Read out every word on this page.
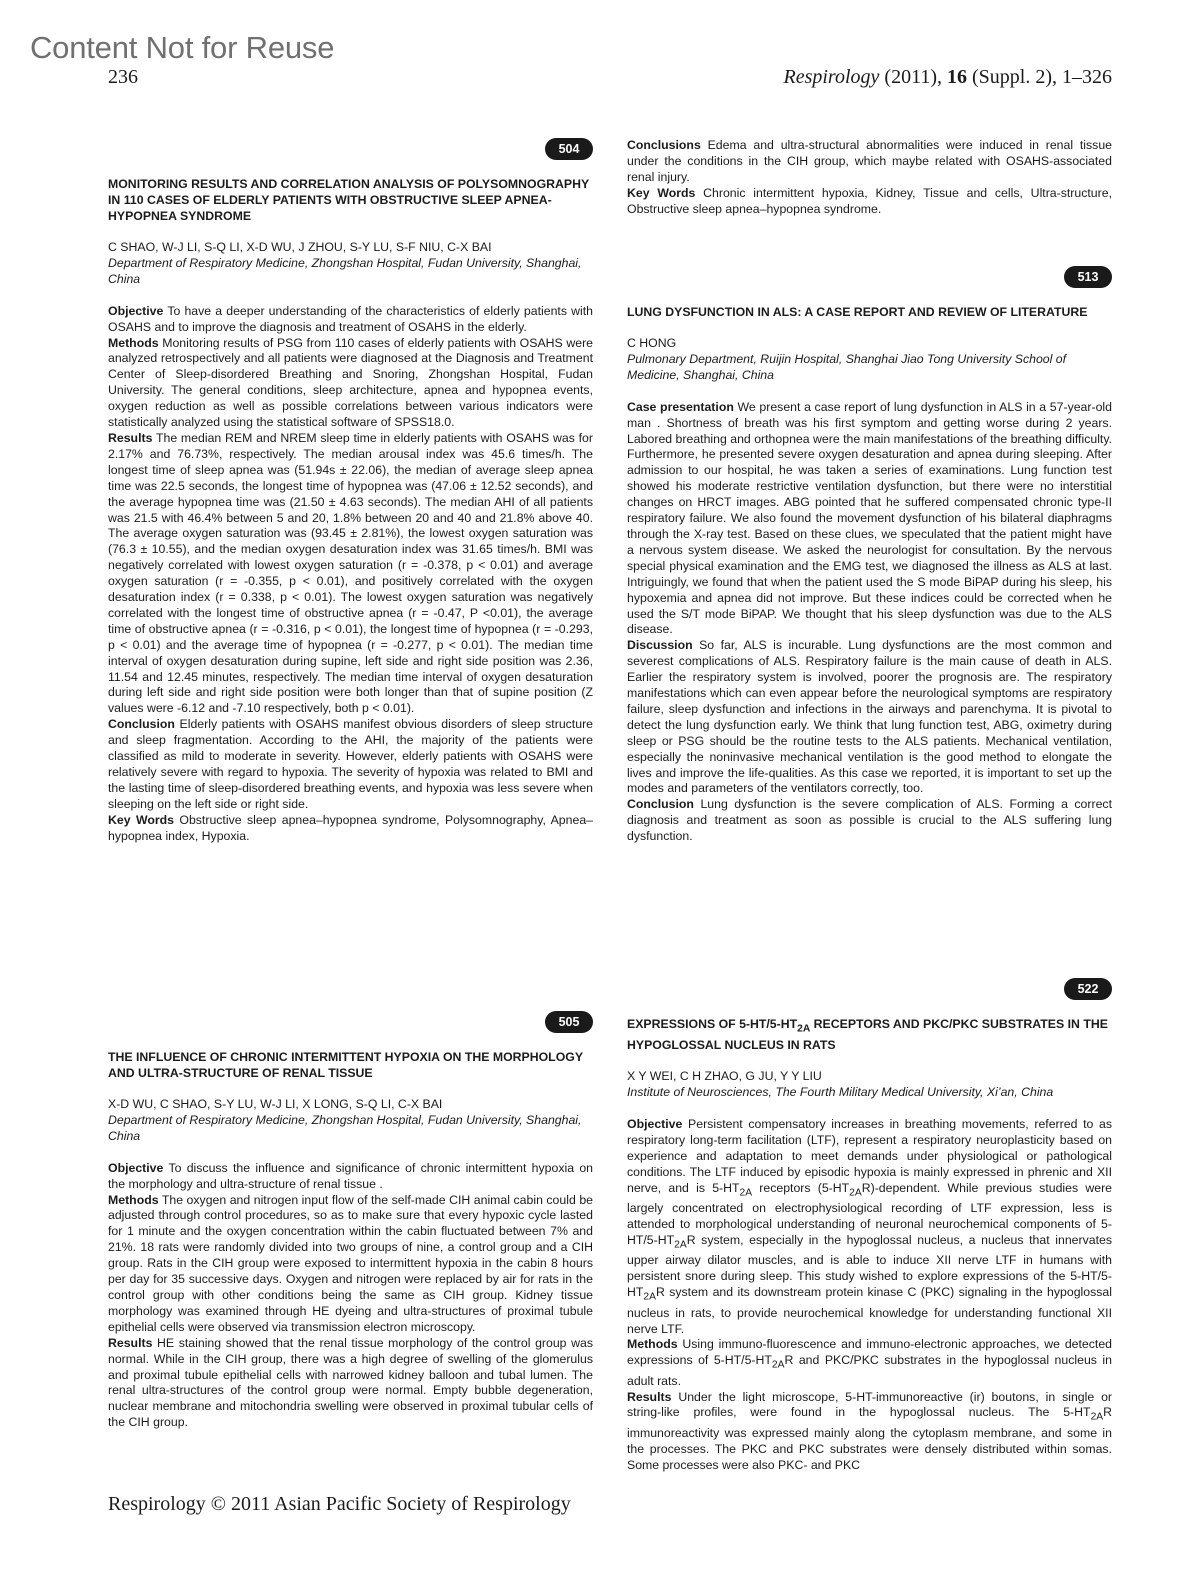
Content Not for Reuse
236	Respirology (2011), 16 (Suppl. 2), 1–326
504

MONITORING RESULTS AND CORRELATION ANALYSIS OF POLYSOMNOGRAPHY IN 110 CASES OF ELDERLY PATIENTS WITH OBSTRUCTIVE SLEEP APNEA-HYPOPNEA SYNDROME

C SHAO, W-J LI, S-Q LI, X-D WU, J ZHOU, S-Y LU, S-F NIU, C-X BAI

Department of Respiratory Medicine, Zhongshan Hospital, Fudan University, Shanghai, China

Objective To have a deeper understanding of the characteristics of elderly patients with OSAHS and to improve the diagnosis and treatment of OSAHS in the elderly.

Methods Monitoring results of PSG from 110 cases of elderly patients with OSAHS were analyzed retrospectively and all patients were diagnosed at the Diagnosis and Treatment Center of Sleep-disordered Breathing and Snoring, Zhongshan Hospital, Fudan University. The general conditions, sleep architecture, apnea and hypopnea events, oxygen reduction as well as possible correlations between various indicators were statistically analyzed using the statistical software of SPSS18.0.

Results The median REM and NREM sleep time in elderly patients with OSAHS was for 2.17% and 76.73%, respectively. The median arousal index was 45.6 times/h. The longest time of sleep apnea was (51.94s ± 22.06), the median of average sleep apnea time was 22.5 seconds, the longest time of hypopnea was (47.06 ± 12.52 seconds), and the average hypopnea time was (21.50 ± 4.63 seconds). The median AHI of all patients was 21.5 with 46.4% between 5 and 20, 1.8% between 20 and 40 and 21.8% above 40. The average oxygen saturation was (93.45 ± 2.81%), the lowest oxygen saturation was (76.3 ± 10.55), and the median oxygen desaturation index was 31.65 times/h. BMI was negatively correlated with lowest oxygen saturation (r = -0.378, p < 0.01) and average oxygen saturation (r = -0.355, p < 0.01), and positively correlated with the oxygen desaturation index (r = 0.338, p < 0.01). The lowest oxygen saturation was negatively correlated with the longest time of obstructive apnea (r = -0.47, P <0.01), the average time of obstructive apnea (r = -0.316, p < 0.01), the longest time of hypopnea (r = -0.293, p < 0.01) and the average time of hypopnea (r = -0.277, p < 0.01). The median time interval of oxygen desaturation during supine, left side and right side position was 2.36, 11.54 and 12.45 minutes, respectively. The median time interval of oxygen desaturation during left side and right side position were both longer than that of supine position (Z values were -6.12 and -7.10 respectively, both p < 0.01).

Conclusion Elderly patients with OSAHS manifest obvious disorders of sleep structure and sleep fragmentation. According to the AHI, the majority of the patients were classified as mild to moderate in severity. However, elderly patients with OSAHS were relatively severe with regard to hypoxia. The severity of hypoxia was related to BMI and the lasting time of sleep-disordered breathing events, and hypoxia was less severe when sleeping on the left side or right side.

Key Words Obstructive sleep apnea–hypopnea syndrome, Polysomnography, Apnea–hypopnea index, Hypoxia.

505

THE INFLUENCE OF CHRONIC INTERMITTENT HYPOXIA ON THE MORPHOLOGY AND ULTRA-STRUCTURE OF RENAL TISSUE

X-D WU, C SHAO, S-Y LU, W-J LI, X LONG, S-Q LI, C-X BAI

Department of Respiratory Medicine, Zhongshan Hospital, Fudan University, Shanghai, China

Objective To discuss the influence and significance of chronic intermittent hypoxia on the morphology and ultra-structure of renal tissue .

Methods The oxygen and nitrogen input flow of the self-made CIH animal cabin could be adjusted through control procedures, so as to make sure that every hypoxic cycle lasted for 1 minute and the oxygen concentration within the cabin fluctuated between 7% and 21%. 18 rats were randomly divided into two groups of nine, a control group and a CIH group. Rats in the CIH group were exposed to intermittent hypoxia in the cabin 8 hours per day for 35 successive days. Oxygen and nitrogen were replaced by air for rats in the control group with other conditions being the same as CIH group. Kidney tissue morphology was examined through HE dyeing and ultra-structures of proximal tubule epithelial cells were observed via transmission electron microscopy.

Results HE staining showed that the renal tissue morphology of the control group was normal. While in the CIH group, there was a high degree of swelling of the glomerulus and proximal tubule epithelial cells with narrowed kidney balloon and tubal lumen. The renal ultra-structures of the control group were normal. Empty bubble degeneration, nuclear membrane and mitochondria swelling were observed in proximal tubular cells of the CIH group.

Conclusions Edema and ultra-structural abnormalities were induced in renal tissue under the conditions in the CIH group, which maybe related with OSAHS-associated renal injury.

Key Words Chronic intermittent hypoxia, Kidney, Tissue and cells, Ultra-structure, Obstructive sleep apnea–hypopnea syndrome.

513

LUNG DYSFUNCTION IN ALS: A CASE REPORT AND REVIEW OF LITERATURE

C HONG

Pulmonary Department, Ruijin Hospital, Shanghai Jiao Tong University School of Medicine, Shanghai, China

Case presentation We present a case report of lung dysfunction in ALS in a 57-year-old man . Shortness of breath was his first symptom and getting worse during 2 years. Labored breathing and orthopnea were the main manifestations of the breathing difficulty. Furthermore, he presented severe oxygen desaturation and apnea during sleeping. After admission to our hospital, he was taken a series of examinations. Lung function test showed his moderate restrictive ventilation dysfunction, but there were no interstitial changes on HRCT images. ABG pointed that he suffered compensated chronic type-II respiratory failure. We also found the movement dysfunction of his bilateral diaphragms through the X-ray test. Based on these clues, we speculated that the patient might have a nervous system disease. We asked the neurologist for consultation. By the nervous special physical examination and the EMG test, we diagnosed the illness as ALS at last. Intriguingly, we found that when the patient used the S mode BiPAP during his sleep, his hypoxemia and apnea did not improve. But these indices could be corrected when he used the S/T mode BiPAP. We thought that his sleep dysfunction was due to the ALS disease.

Discussion So far, ALS is incurable. Lung dysfunctions are the most common and severest complications of ALS. Respiratory failure is the main cause of death in ALS. Earlier the respiratory system is involved, poorer the prognosis are. The respiratory manifestations which can even appear before the neurological symptoms are respiratory failure, sleep dysfunction and infections in the airways and parenchyma. It is pivotal to detect the lung dysfunction early. We think that lung function test, ABG, oximetry during sleep or PSG should be the routine tests to the ALS patients. Mechanical ventilation, especially the noninvasive mechanical ventilation is the good method to elongate the lives and improve the life-qualities. As this case we reported, it is important to set up the modes and parameters of the ventilators correctly, too.

Conclusion Lung dysfunction is the severe complication of ALS. Forming a correct diagnosis and treatment as soon as possible is crucial to the ALS suffering lung dysfunction.

522

EXPRESSIONS OF $5-HT/5-HT_{2A}$ RECEPTORS AND PKC/PKC SUBSTRATES IN THE HYPOGLOSSAL NUCLEUS IN RATS

X Y WEI, C H ZHAO, G JU, Y Y LIU

Institute of Neurosciences, The Fourth Military Medical University, Xi’an, China

Objective Persistent compensatory increases in breathing movements, referred to as respiratory long-term facilitation (LTF), represent a respiratory neuroplasticity based on experience and adaptation to meet demands under physiological or pathological conditions. The LTF induced by episodic hypoxia is mainly expressed in phrenic and XII nerve, and is $5-HT_{2A}$ receptors $(5-HT_{2A}R)$-dependent. While previous studies were largely concentrated on electrophysiological recording of LTF expression, less is attended to morphological understanding of neuronal neurochemical components of $5-HT/5-HT_{2A}R$ system, especially in the hypoglossal nucleus, a nucleus that innervates upper airway dilator muscles, and is able to induce XII nerve LTF in humans with persistent snore during sleep. This study wished to explore expressions of the $5-HT/5-HT_{2A}R$ system and its downstream protein kinase C (PKC) signaling in the hypoglossal nucleus in rats, to provide neurochemical knowledge for understanding functional XII nerve LTF.

Methods Using immuno-fluorescence and immuno-electronic approaches, we detected expressions of $5-HT/5-HT_{2A}R$ and PKC/PKC substrates in the hypoglossal nucleus in adult rats.

Results Under the light microscope, 5-HT-immunoreactive (ir) boutons, in single or string-like profiles, were found in the hypoglossal nucleus. The $5-HT_{2A}R$ immunoreactivity was expressed mainly along the cytoplasm membrane, and some in the processes. The PKC and PKC substrates were densely distributed within somas. Some processes were also PKC- and PKC

Respirology © 2011 Asian Pacific Society of Respirology
